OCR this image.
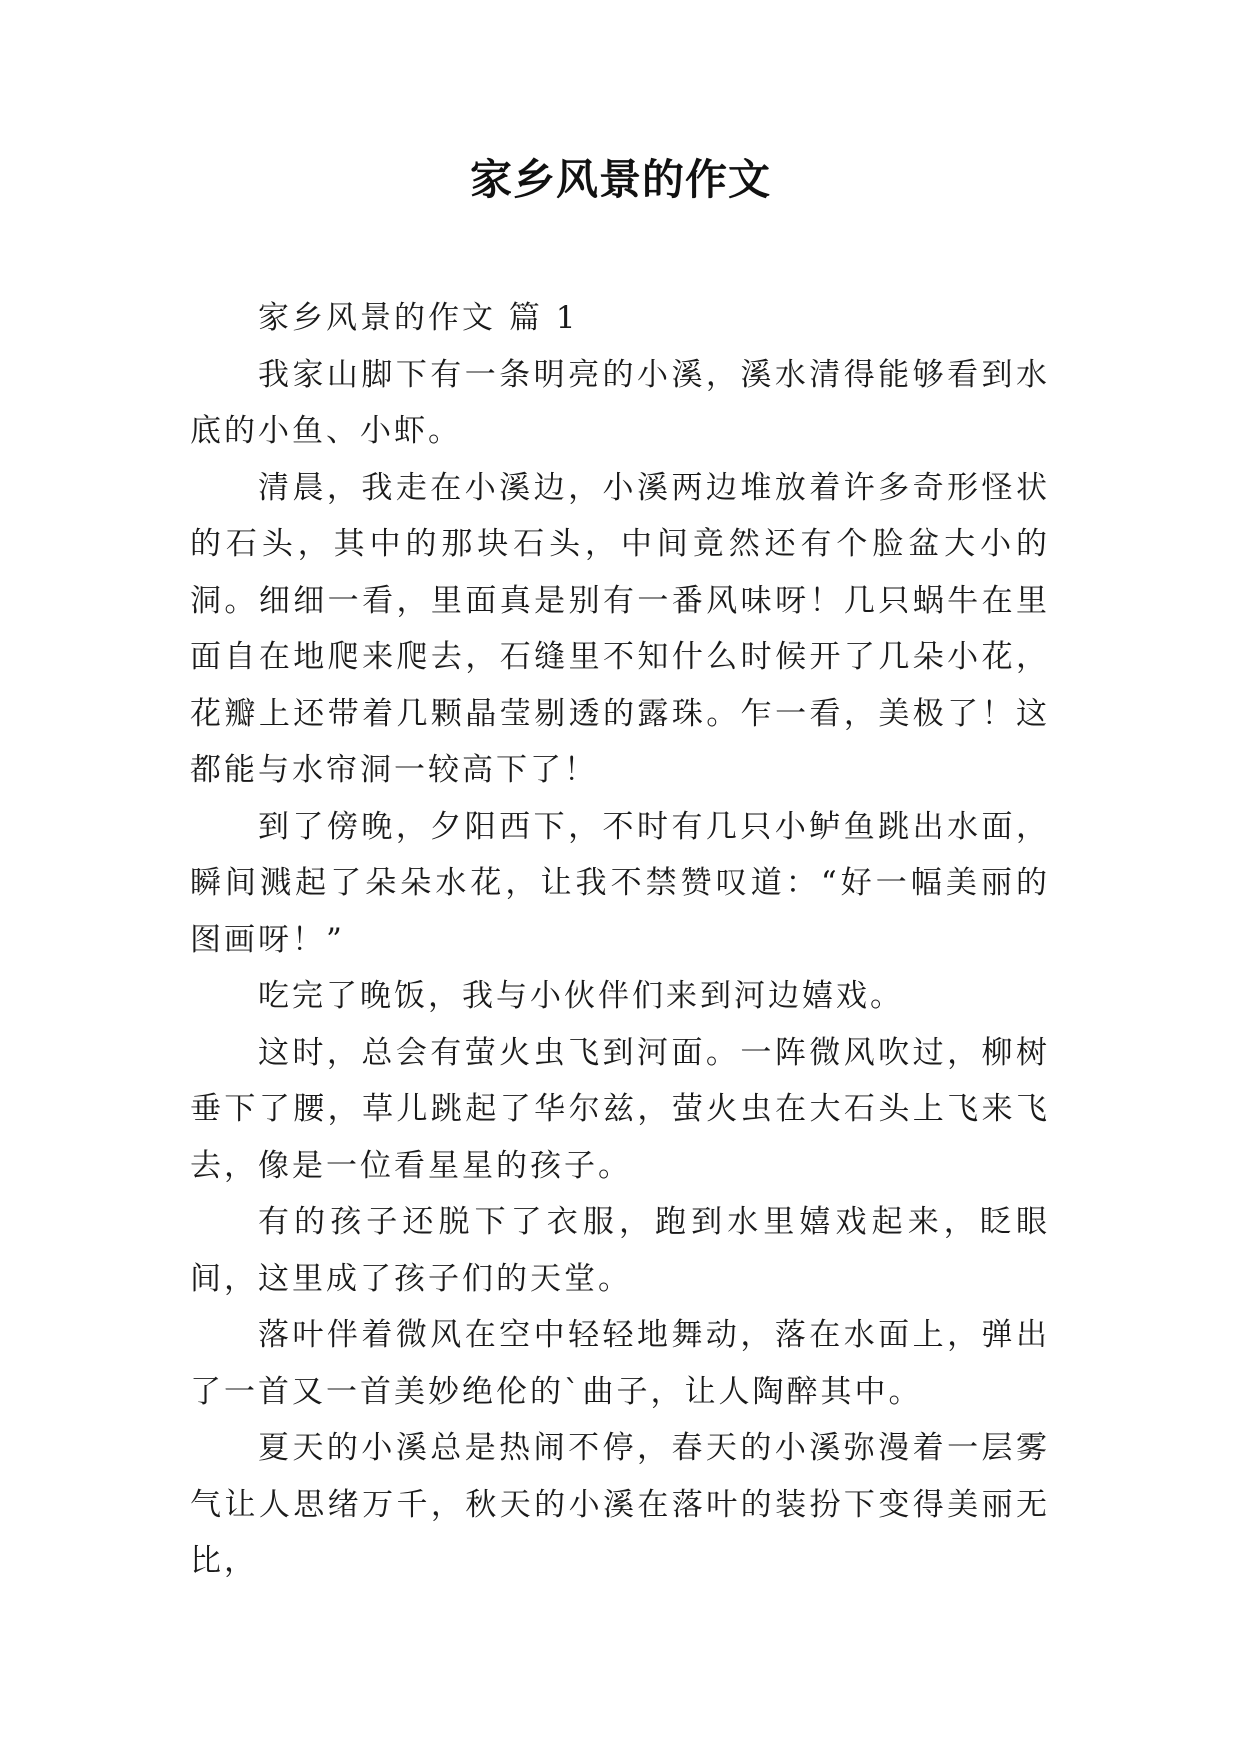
家乡风景的作文

家乡风景的作文 篇 1

我家山脚下有一条明亮的小溪，溪水清得能够看到水底的小鱼、小虾。

清晨，我走在小溪边，小溪两边堆放着许多奇形怪状的石头，其中的那块石头，中间竟然还有个脸盆大小的洞。细细一看，里面真是别有一番风味呀！几只蜗牛在里面自在地爬来爬去，石缝里不知什么时候开了几朵小花，花瓣上还带着几颗晶莹剔透的露珠。乍一看，美极了！这都能与水帘洞一较高下了！

到了傍晚，夕阳西下，不时有几只小鲈鱼跳出水面，瞬间溅起了朵朵水花，让我不禁赞叹道：“好一幅美丽的图画呀！”

吃完了晚饭，我与小伙伴们来到河边嬉戏。

这时，总会有萤火虫飞到河面。一阵微风吹过，柳树垂下了腰，草儿跳起了华尔兹，萤火虫在大石头上飞来飞去，像是一位看星星的孩子。

有的孩子还脱下了衣服，跑到水里嬉戏起来，眨眼间，这里成了孩子们的天堂。

落叶伴着微风在空中轻轻地舞动，落在水面上，弹出了一首又一首美妙绝伦的`曲子，让人陶醉其中。

夏天的小溪总是热闹不停，春天的小溪弥漫着一层雾气让人思绪万千，秋天的小溪在落叶的装扮下变得美丽无比，
